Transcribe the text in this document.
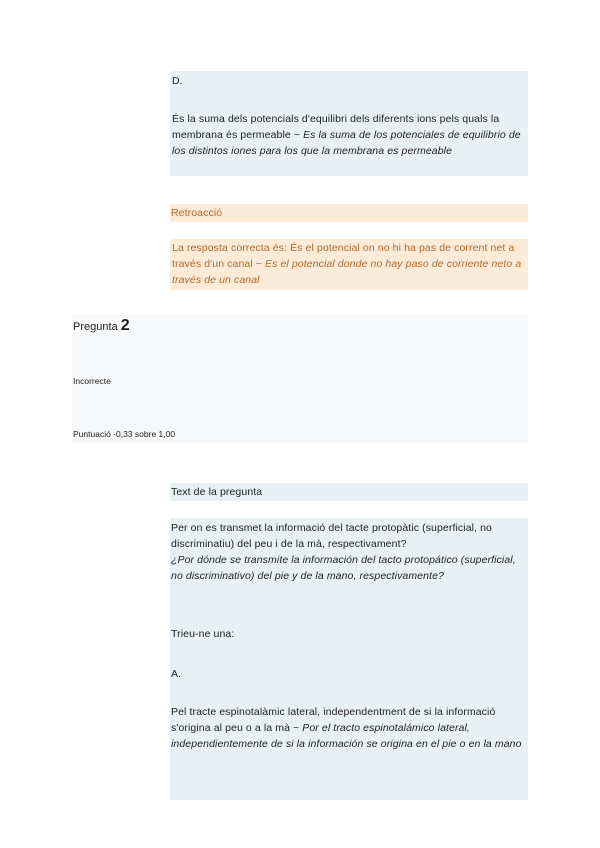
D.
És la suma dels potencials d'equilibri dels diferents ions pels quals la membrana és permeable ~ Es la suma de los potenciales de equilibrio de los distintos iones para los que la membrana es permeable
Retroacció
La resposta correcta és: És el potencial on no hi ha pas de corrent net a través d'un canal ~ Es el potencial donde no hay paso de corriente neto a través de un canal
Pregunta 2
Incorrecte
Puntuació -0,33 sobre 1,00
Text de la pregunta
Per on es transmet la informació del tacte protopàtic (superficial, no discriminatiu) del peu i de la mà, respectivament?
¿Por dónde se transmite la información del tacto protopático (superficial, no discriminativo) del pie y de la mano, respectivamente?
Trieu-ne una:
A.
Pel tracte espinotalàmic lateral, independentment de si la informació s'origina al peu o a la mà ~ Por el tracto espinotalámico lateral, independientemente de si la información se origina en el pie o en la mano
